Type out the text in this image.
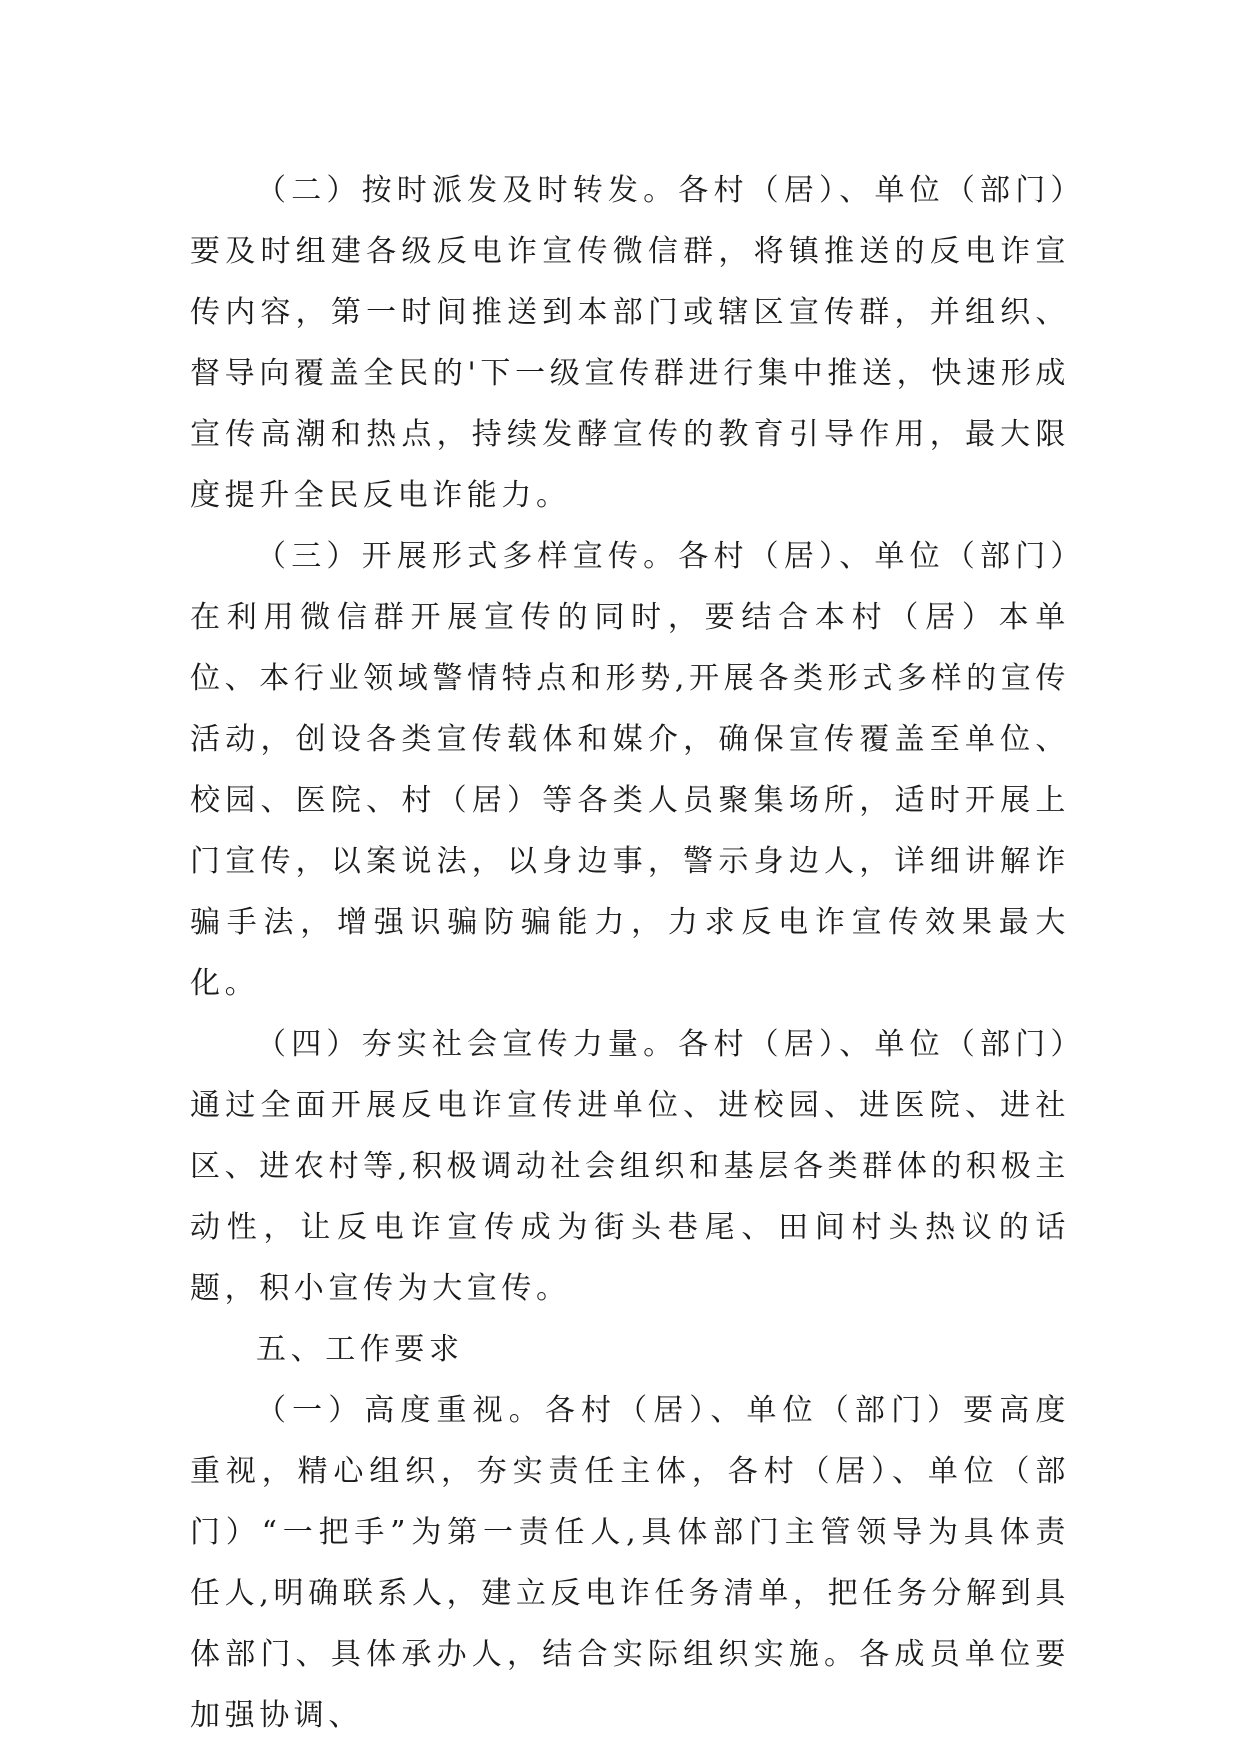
（二）按时派发及时转发。各村（居）、单位（部门）要及时组建各级反电诈宣传微信群，将镇推送的反电诈宣传内容，第一时间推送到本部门或辖区宣传群，并组织、督导向覆盖全民的'下一级宣传群进行集中推送，快速形成宣传高潮和热点，持续发酵宣传的教育引导作用，最大限度提升全民反电诈能力。

（三）开展形式多样宣传。各村（居）、单位（部门）在利用微信群开展宣传的同时，要结合本村（居）本单位、本行业领域警情特点和形势,开展各类形式多样的宣传活动，创设各类宣传载体和媒介，确保宣传覆盖至单位、校园、医院、村（居）等各类人员聚集场所，适时开展上门宣传，以案说法，以身边事，警示身边人，详细讲解诈骗手法，增强识骗防骗能力，力求反电诈宣传效果最大化。

（四）夯实社会宣传力量。各村（居）、单位（部门）通过全面开展反电诈宣传进单位、进校园、进医院、进社区、进农村等,积极调动社会组织和基层各类群体的积极主动性，让反电诈宣传成为街头巷尾、田间村头热议的话题，积小宣传为大宣传。

五、工作要求

（一）高度重视。各村（居）、单位（部门）要高度重视，精心组织，夯实责任主体，各村（居）、单位（部门）“一把手”为第一责任人,具体部门主管领导为具体责任人,明确联系人，建立反电诈任务清单，把任务分解到具体部门、具体承办人，结合实际组织实施。各成员单位要加强协调、
